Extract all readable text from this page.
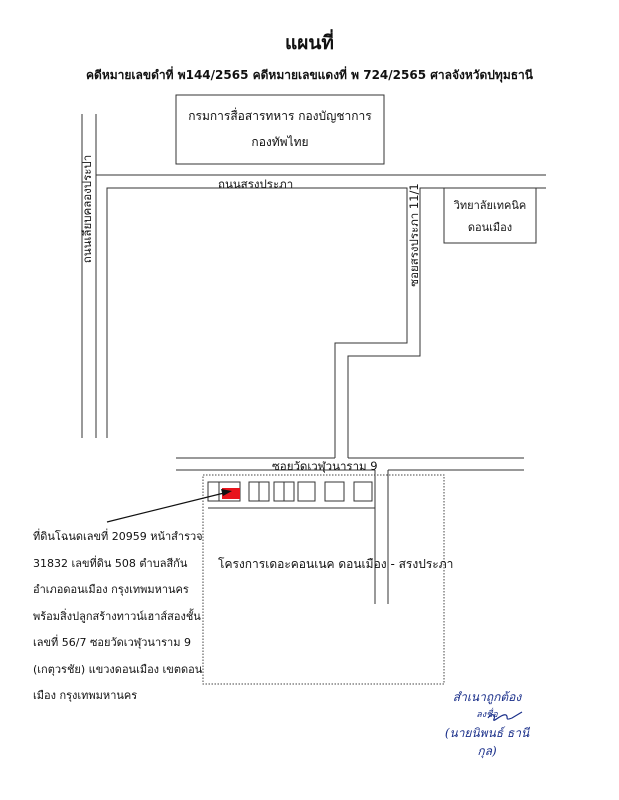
แผนที่
คดีหมายเลขดำที่ พ144/2565 คดีหมายเลขแดงที่ พ 724/2565 ศาลจังหวัดปทุมธานี
กรมการสื่อสารทหาร กองบัญชาการ
กองทัพไทย
วิทยาลัยเทคนิค
ดอนเมือง
ถนนสรงประภา
ถนนเลียบคลองประปา	ซอยสรงประภา 11/1
ซอยวัดเวฬุวนาราม 9
โครงการเดอะคอนเนค ดอนเมือง - สรงประภา
ที่ดินโฉนดเลขที่ 20959 หน้าสำรวจ
31832 เลขที่ดิน 508 ตำบลสีกัน
อำเภอดอนเมือง กรุงเทพมหานคร
พร้อมสิ่งปลูกสร้างทาวน์เฮาส์สองชั้น
เลขที่ 56/7 ซอยวัดเวฬุวนาราม 9
(เกตุวรชัย) แขวงดอนเมือง เขตดอน
เมือง กรุงเทพมหานคร	สำเนาถูกต้อง
ลงชื่อ
(นายนิพนธ์ ธานีกุล)
